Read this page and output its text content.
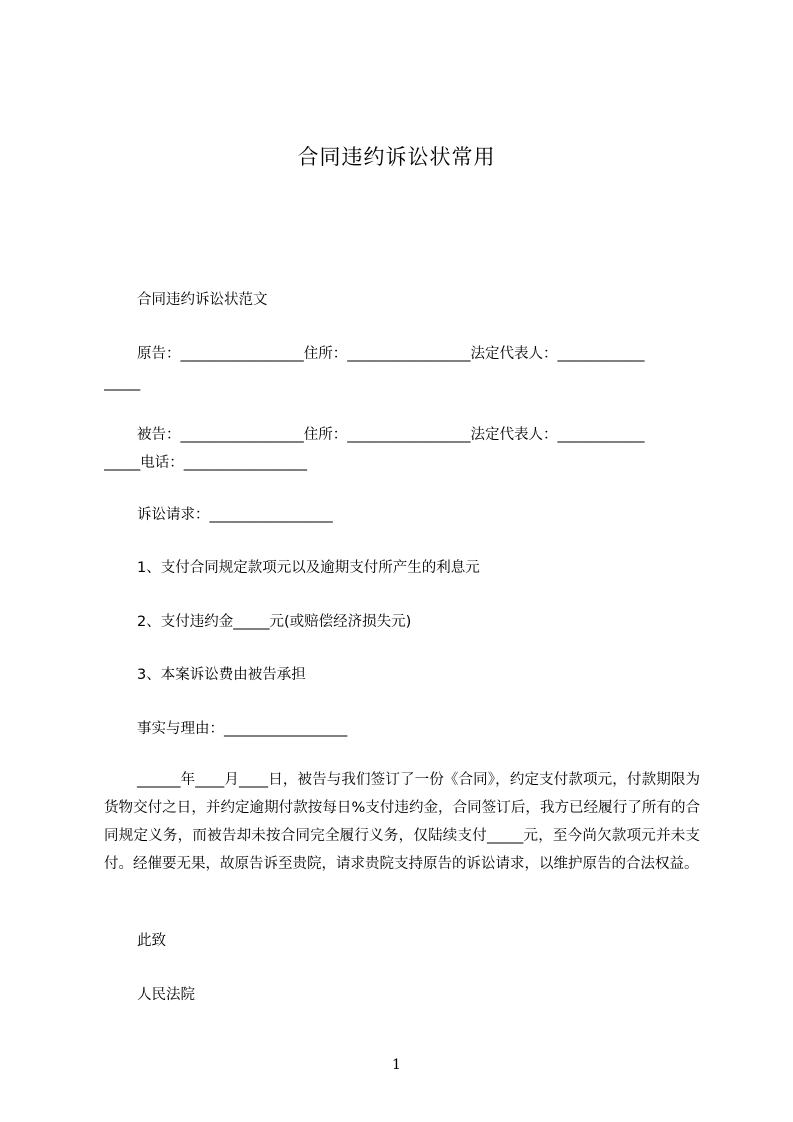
合同违约诉讼状常用
合同违约诉讼状范文
原告：_________________住所：_________________法定代表人：____________
_____
被告：_________________住所：_________________法定代表人：____________
_____电话：_________________
诉讼请求：_________________
1、支付合同规定款项元以及逾期支付所产生的利息元
2、支付违约金_____元(或赔偿经济损失元)
3、本案诉讼费由被告承担
事实与理由：_________________
______年____月____日，被告与我们签订了一份《合同》，约定支付款项元，付款期限为货物交付之日，并约定逾期付款按每日%支付违约金，合同签订后，我方已经履行了所有的合同规定义务，而被告却未按合同完全履行义务，仅陆续支付_____元，至今尚欠款项元并未支付。经催要无果，故原告诉至贵院，请求贵院支持原告的诉讼请求，以维护原告的合法权益。
此致
人民法院
1
